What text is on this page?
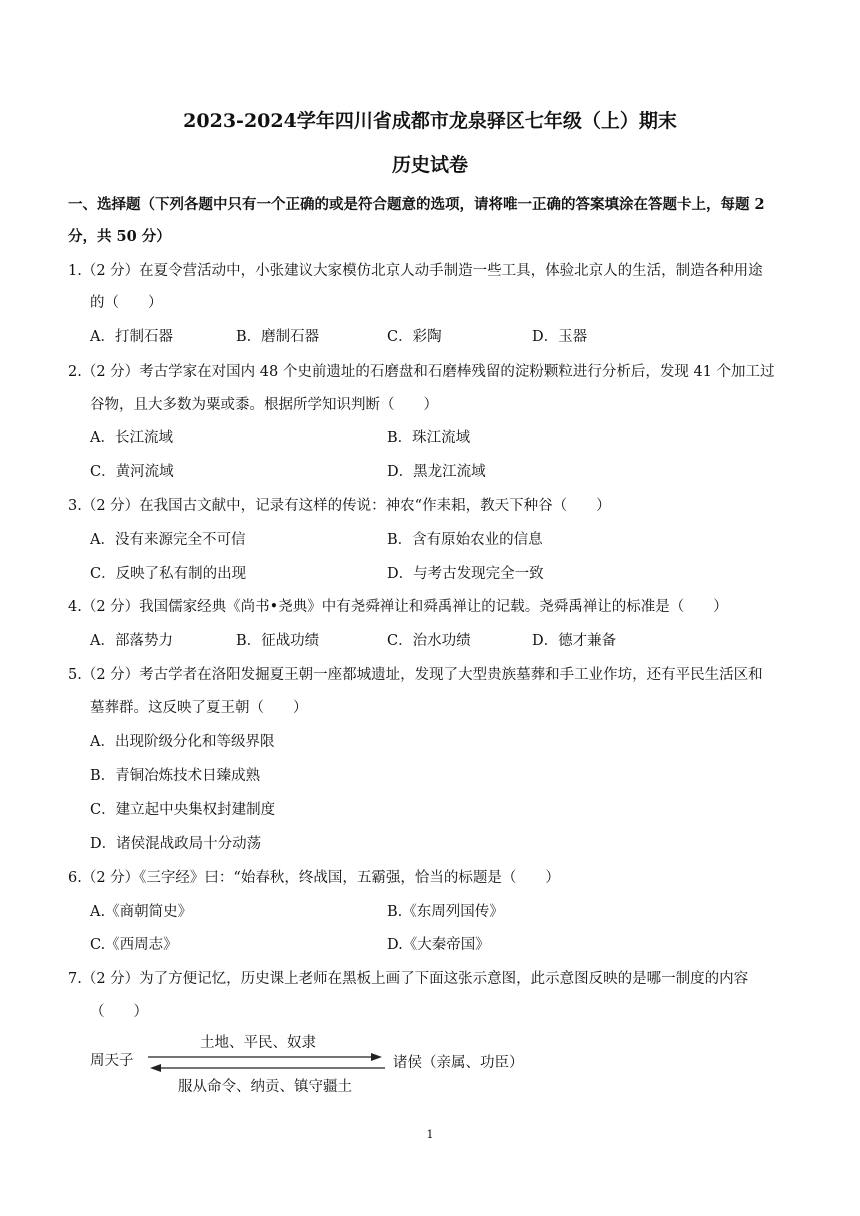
2023-2024学年四川省成都市龙泉驿区七年级（上）期末
历史试卷
一、选择题（下列各题中只有一个正确的或是符合题意的选项，请将唯一正确的答案填涂在答题卡上，每题 2
分，共 50 分）
1.（2 分）在夏令营活动中，小张建议大家模仿北京人动手制造一些工具，体验北京人的生活，制造各种用途
的（　　）
A．打制石器	B．磨制石器	C．彩陶	D．玉器
2.（2 分）考古学家在对国内 48 个史前遗址的石磨盘和石磨棒残留的淀粉颗粒进行分析后，发现 41 个加工过
谷物，且大多数为粟或黍。根据所学知识判断（　　）
A．长江流域	B．珠江流域
C．黄河流域	D．黑龙江流域
3.（2 分）在我国古文献中，记录有这样的传说：神农“作耒耜，教天下种谷（　　）
A．没有来源完全不可信	B．含有原始农业的信息
C．反映了私有制的出现	D．与考古发现完全一致
4.（2 分）我国儒家经典《尚书•尧典》中有尧舜禅让和舜禹禅让的记载。尧舜禹禅让的标准是（　　）
A．部落势力	B．征战功绩	C．治水功绩	D．德才兼备
5.（2 分）考古学者在洛阳发掘夏王朝一座都城遗址，发现了大型贵族墓葬和手工业作坊，还有平民生活区和
墓葬群。这反映了夏王朝（　　）
A．出现阶级分化和等级界限
B．青铜冶炼技术日臻成熟
C．建立起中央集权封建制度
D．诸侯混战政局十分动荡
6.（2 分）《三字经》曰：“始春秋，终战国，五霸强，恰当的标题是（　　）
A.《商朝简史》	B.《东周列国传》
C.《西周志》	D.《大秦帝国》
7.（2 分）为了方便记忆，历史课上老师在黑板上画了下面这张示意图，此示意图反映的是哪一制度的内容
（　　）
周天子
土地、平民、奴隶
诸侯（亲属、功臣）
服从命令、纳贡、镇守疆土
1
